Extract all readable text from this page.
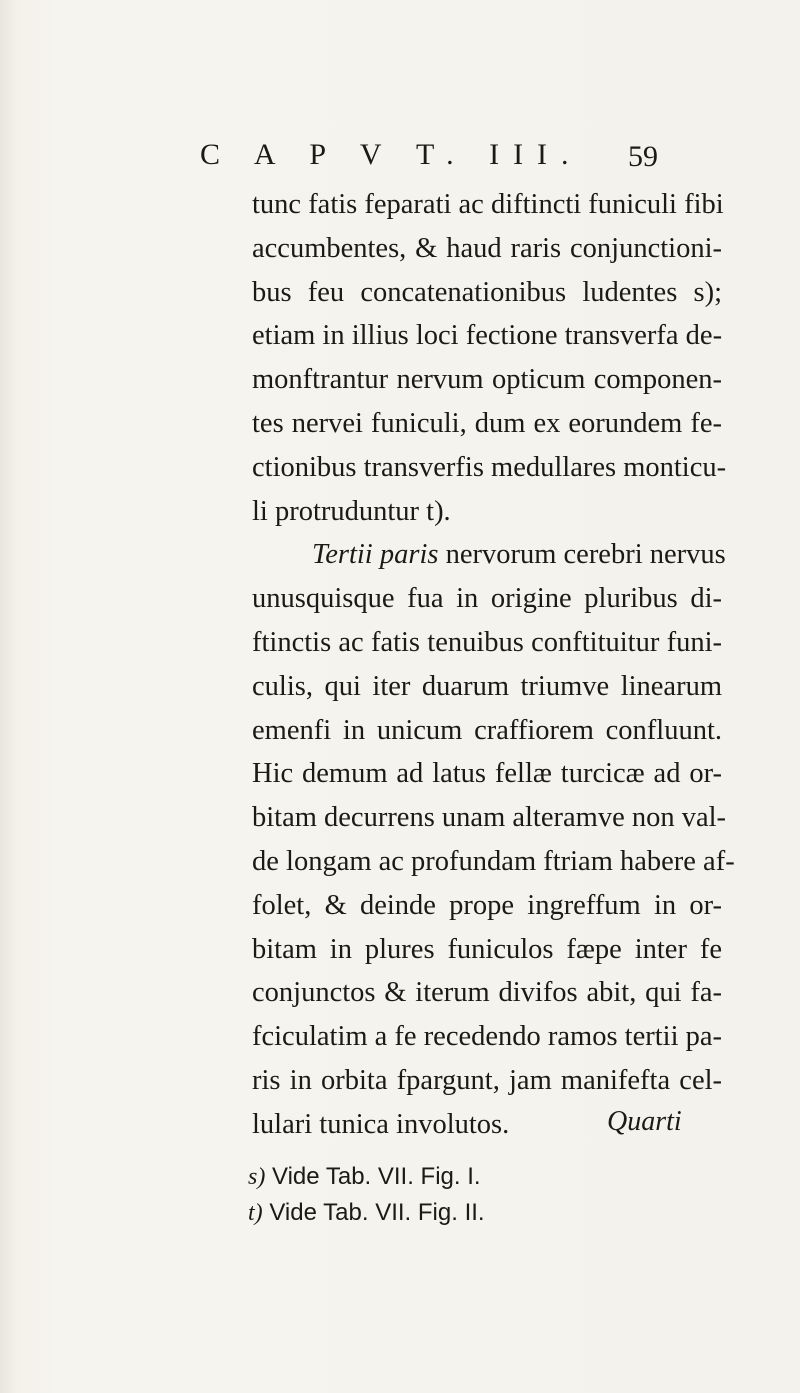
C A P V T. III. 59
tunc fatis feparati ac diftincti funiculi fibi
accumbentes, & haud raris conjunctioni-
bus feu concatenationibus ludentes s);
etiam in illius loci fectione transverfa de-
monftrantur nervum opticum componen-
tes nervei funiculi, dum ex eorundem fe-
ctionibus transverfis medullares monticu-
li protruduntur t).
Tertii paris nervorum cerebri nervus
unusquisque fua in origine pluribus di-
ftinctis ac fatis tenuibus conftituitur funi-
culis, qui iter duarum triumve linearum
emenfi in unicum craffiorem confluunt.
Hic demum ad latus fellæ turcicæ ad or-
bitam decurrens unam alteramve non val-
de longam ac profundam ftriam habere af-
folet, & deinde prope ingreffum in or-
bitam in plures funiculos fæpe inter fe
conjunctos & iterum divifos abit, qui fa-
fciculatim a fe recedendo ramos tertii pa-
ris in orbita fpargunt, jam manifefta cel-
lulari tunica involutos.	Quarti
s) Vide Tab. VII. Fig. I.
t) Vide Tab. VII. Fig. II.
